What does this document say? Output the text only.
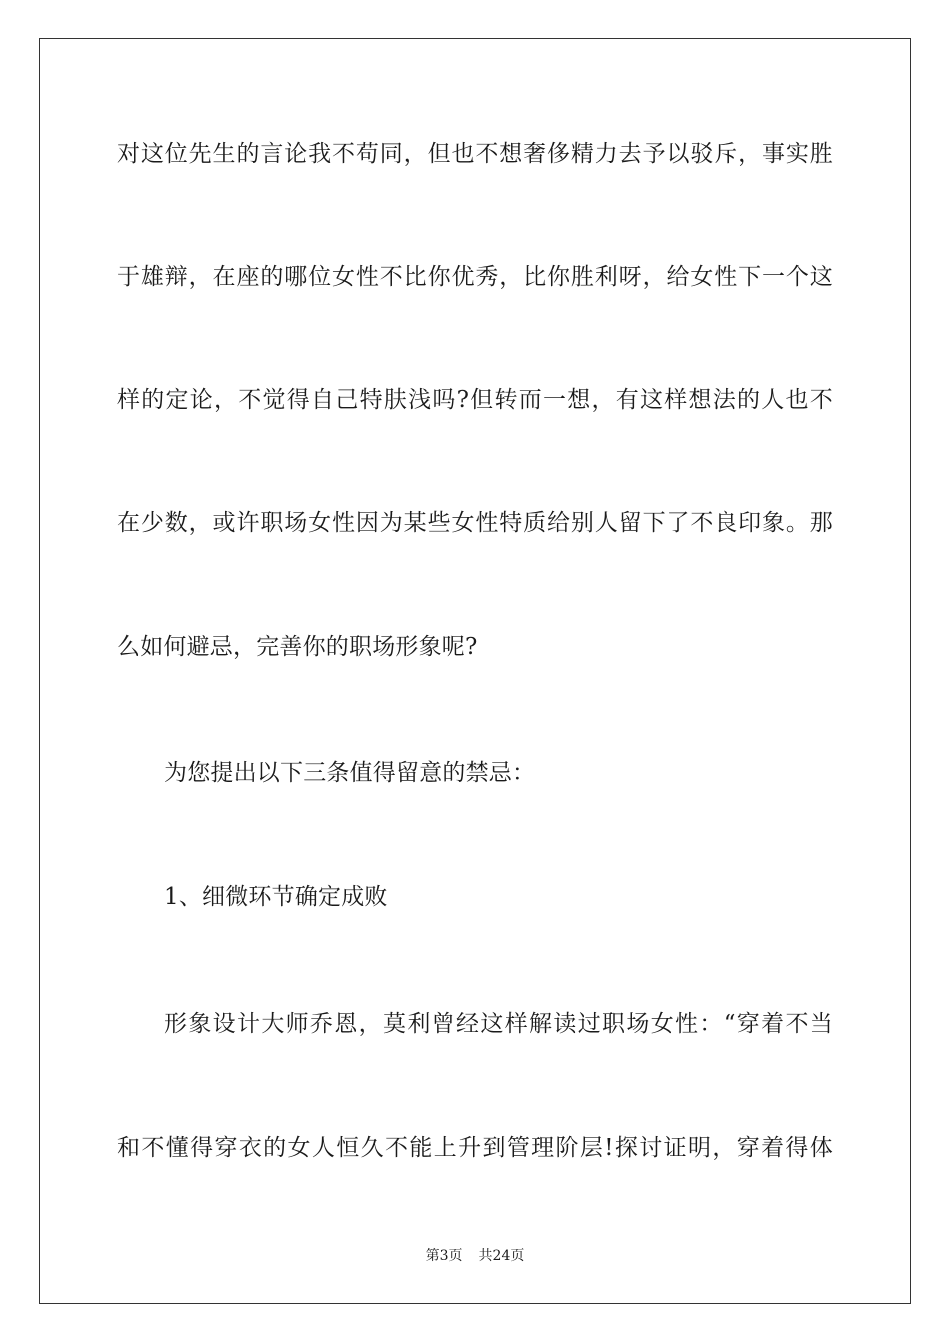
对这位先生的言论我不苟同，但也不想奢侈精力去予以驳斥，事实胜
于雄辩，在座的哪位女性不比你优秀，比你胜利呀，给女性下一个这
样的定论，不觉得自己特肤浅吗?但转而一想，有这样想法的人也不
在少数，或许职场女性因为某些女性特质给别人留下了不良印象。那
么如何避忌，完善你的职场形象呢?
为您提出以下三条值得留意的禁忌：
1、细微环节确定成败
形象设计大师乔恩，莫利曾经这样解读过职场女性：“穿着不当
和不懂得穿衣的女人恒久不能上升到管理阶层!探讨证明，穿着得体
第3页 共24页
